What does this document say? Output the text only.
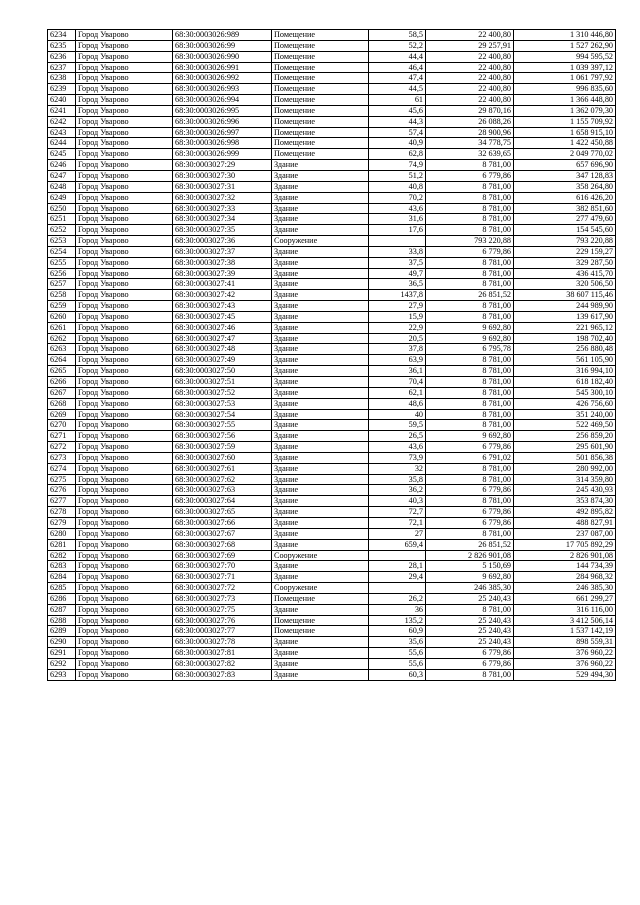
6234	Город Уварово	68:30:0003026:989	Помещение	58,5	22 400,80	1 310 446,80
6235	Город Уварово	68:30:0003026:99	Помещение	52,2	29 257,91	1 527 262,90
6236	Город Уварово	68:30:0003026:990	Помещение	44,4	22 400,80	994 595,52
6237	Город Уварово	68:30:0003026:991	Помещение	46,4	22 400,80	1 039 397,12
6238	Город Уварово	68:30:0003026:992	Помещение	47,4	22 400,80	1 061 797,92
6239	Город Уварово	68:30:0003026:993	Помещение	44,5	22 400,80	996 835,60
6240	Город Уварово	68:30:0003026:994	Помещение	61	22 400,80	1 366 448,80
6241	Город Уварово	68:30:0003026:995	Помещение	45,6	29 870,16	1 362 079,30
6242	Город Уварово	68:30:0003026:996	Помещение	44,3	26 088,26	1 155 709,92
6243	Город Уварово	68:30:0003026:997	Помещение	57,4	28 900,96	1 658 915,10
6244	Город Уварово	68:30:0003026:998	Помещение	40,9	34 778,75	1 422 450,88
6245	Город Уварово	68:30:0003026:999	Помещение	62,8	32 639,65	2 049 770,02
6246	Город Уварово	68:30:0003027:29	Здание	74,9	8 781,00	657 696,90
6247	Город Уварово	68:30:0003027:30	Здание	51,2	6 779,86	347 128,83
6248	Город Уварово	68:30:0003027:31	Здание	40,8	8 781,00	358 264,80
6249	Город Уварово	68:30:0003027:32	Здание	70,2	8 781,00	616 426,20
6250	Город Уварово	68:30:0003027:33	Здание	43,6	8 781,00	382 851,60
6251	Город Уварово	68:30:0003027:34	Здание	31,6	8 781,00	277 479,60
6252	Город Уварово	68:30:0003027:35	Здание	17,6	8 781,00	154 545,60
6253	Город Уварово	68:30:0003027:36	Сооружение		793 220,88	793 220,88
6254	Город Уварово	68:30:0003027:37	Здание	33,8	6 779,86	229 159,27
6255	Город Уварово	68:30:0003027:38	Здание	37,5	8 781,00	329 287,50
6256	Город Уварово	68:30:0003027:39	Здание	49,7	8 781,00	436 415,70
6257	Город Уварово	68:30:0003027:41	Здание	36,5	8 781,00	320 506,50
6258	Город Уварово	68:30:0003027:42	Здание	1437,8	26 851,52	38 607 115,46
6259	Город Уварово	68:30:0003027:43	Здание	27,9	8 781,00	244 989,90
6260	Город Уварово	68:30:0003027:45	Здание	15,9	8 781,00	139 617,90
6261	Город Уварово	68:30:0003027:46	Здание	22,9	9 692,80	221 965,12
6262	Город Уварово	68:30:0003027:47	Здание	20,5	9 692,80	198 702,40
6263	Город Уварово	68:30:0003027:48	Здание	37,8	6 795,78	256 880,48
6264	Город Уварово	68:30:0003027:49	Здание	63,9	8 781,00	561 105,90
6265	Город Уварово	68:30:0003027:50	Здание	36,1	8 781,00	316 994,10
6266	Город Уварово	68:30:0003027:51	Здание	70,4	8 781,00	618 182,40
6267	Город Уварово	68:30:0003027:52	Здание	62,1	8 781,00	545 300,10
6268	Город Уварово	68:30:0003027:53	Здание	48,6	8 781,00	426 756,60
6269	Город Уварово	68:30:0003027:54	Здание	40	8 781,00	351 240,00
6270	Город Уварово	68:30:0003027:55	Здание	59,5	8 781,00	522 469,50
6271	Город Уварово	68:30:0003027:56	Здание	26,5	9 692,80	256 859,20
6272	Город Уварово	68:30:0003027:59	Здание	43,6	6 779,86	295 601,90
6273	Город Уварово	68:30:0003027:60	Здание	73,9	6 791,02	501 856,38
6274	Город Уварово	68:30:0003027:61	Здание	32	8 781,00	280 992,00
6275	Город Уварово	68:30:0003027:62	Здание	35,8	8 781,00	314 359,80
6276	Город Уварово	68:30:0003027:63	Здание	36,2	6 779,86	245 430,93
6277	Город Уварово	68:30:0003027:64	Здание	40,3	8 781,00	353 874,30
6278	Город Уварово	68:30:0003027:65	Здание	72,7	6 779,86	492 895,82
6279	Город Уварово	68:30:0003027:66	Здание	72,1	6 779,86	488 827,91
6280	Город Уварово	68:30:0003027:67	Здание	27	8 781,00	237 087,00
6281	Город Уварово	68:30:0003027:68	Здание	659,4	26 851,52	17 705 892,29
6282	Город Уварово	68:30:0003027:69	Сооружение		2 826 901,08	2 826 901,08
6283	Город Уварово	68:30:0003027:70	Здание	28,1	5 150,69	144 734,39
6284	Город Уварово	68:30:0003027:71	Здание	29,4	9 692,80	284 968,32
6285	Город Уварово	68:30:0003027:72	Сооружение		246 385,30	246 385,30
6286	Город Уварово	68:30:0003027:73	Помещение	26,2	25 240,43	661 299,27
6287	Город Уварово	68:30:0003027:75	Здание	36	8 781,00	316 116,00
6288	Город Уварово	68:30:0003027:76	Помещение	135,2	25 240,43	3 412 506,14
6289	Город Уварово	68:30:0003027:77	Помещение	60,9	25 240,43	1 537 142,19
6290	Город Уварово	68:30:0003027:78	Здание	35,6	25 240,43	898 559,31
6291	Город Уварово	68:30:0003027:81	Здание	55,6	6 779,86	376 960,22
6292	Город Уварово	68:30:0003027:82	Здание	55,6	6 779,86	376 960,22
6293	Город Уварово	68:30:0003027:83	Здание	60,3	8 781,00	529 494,30
